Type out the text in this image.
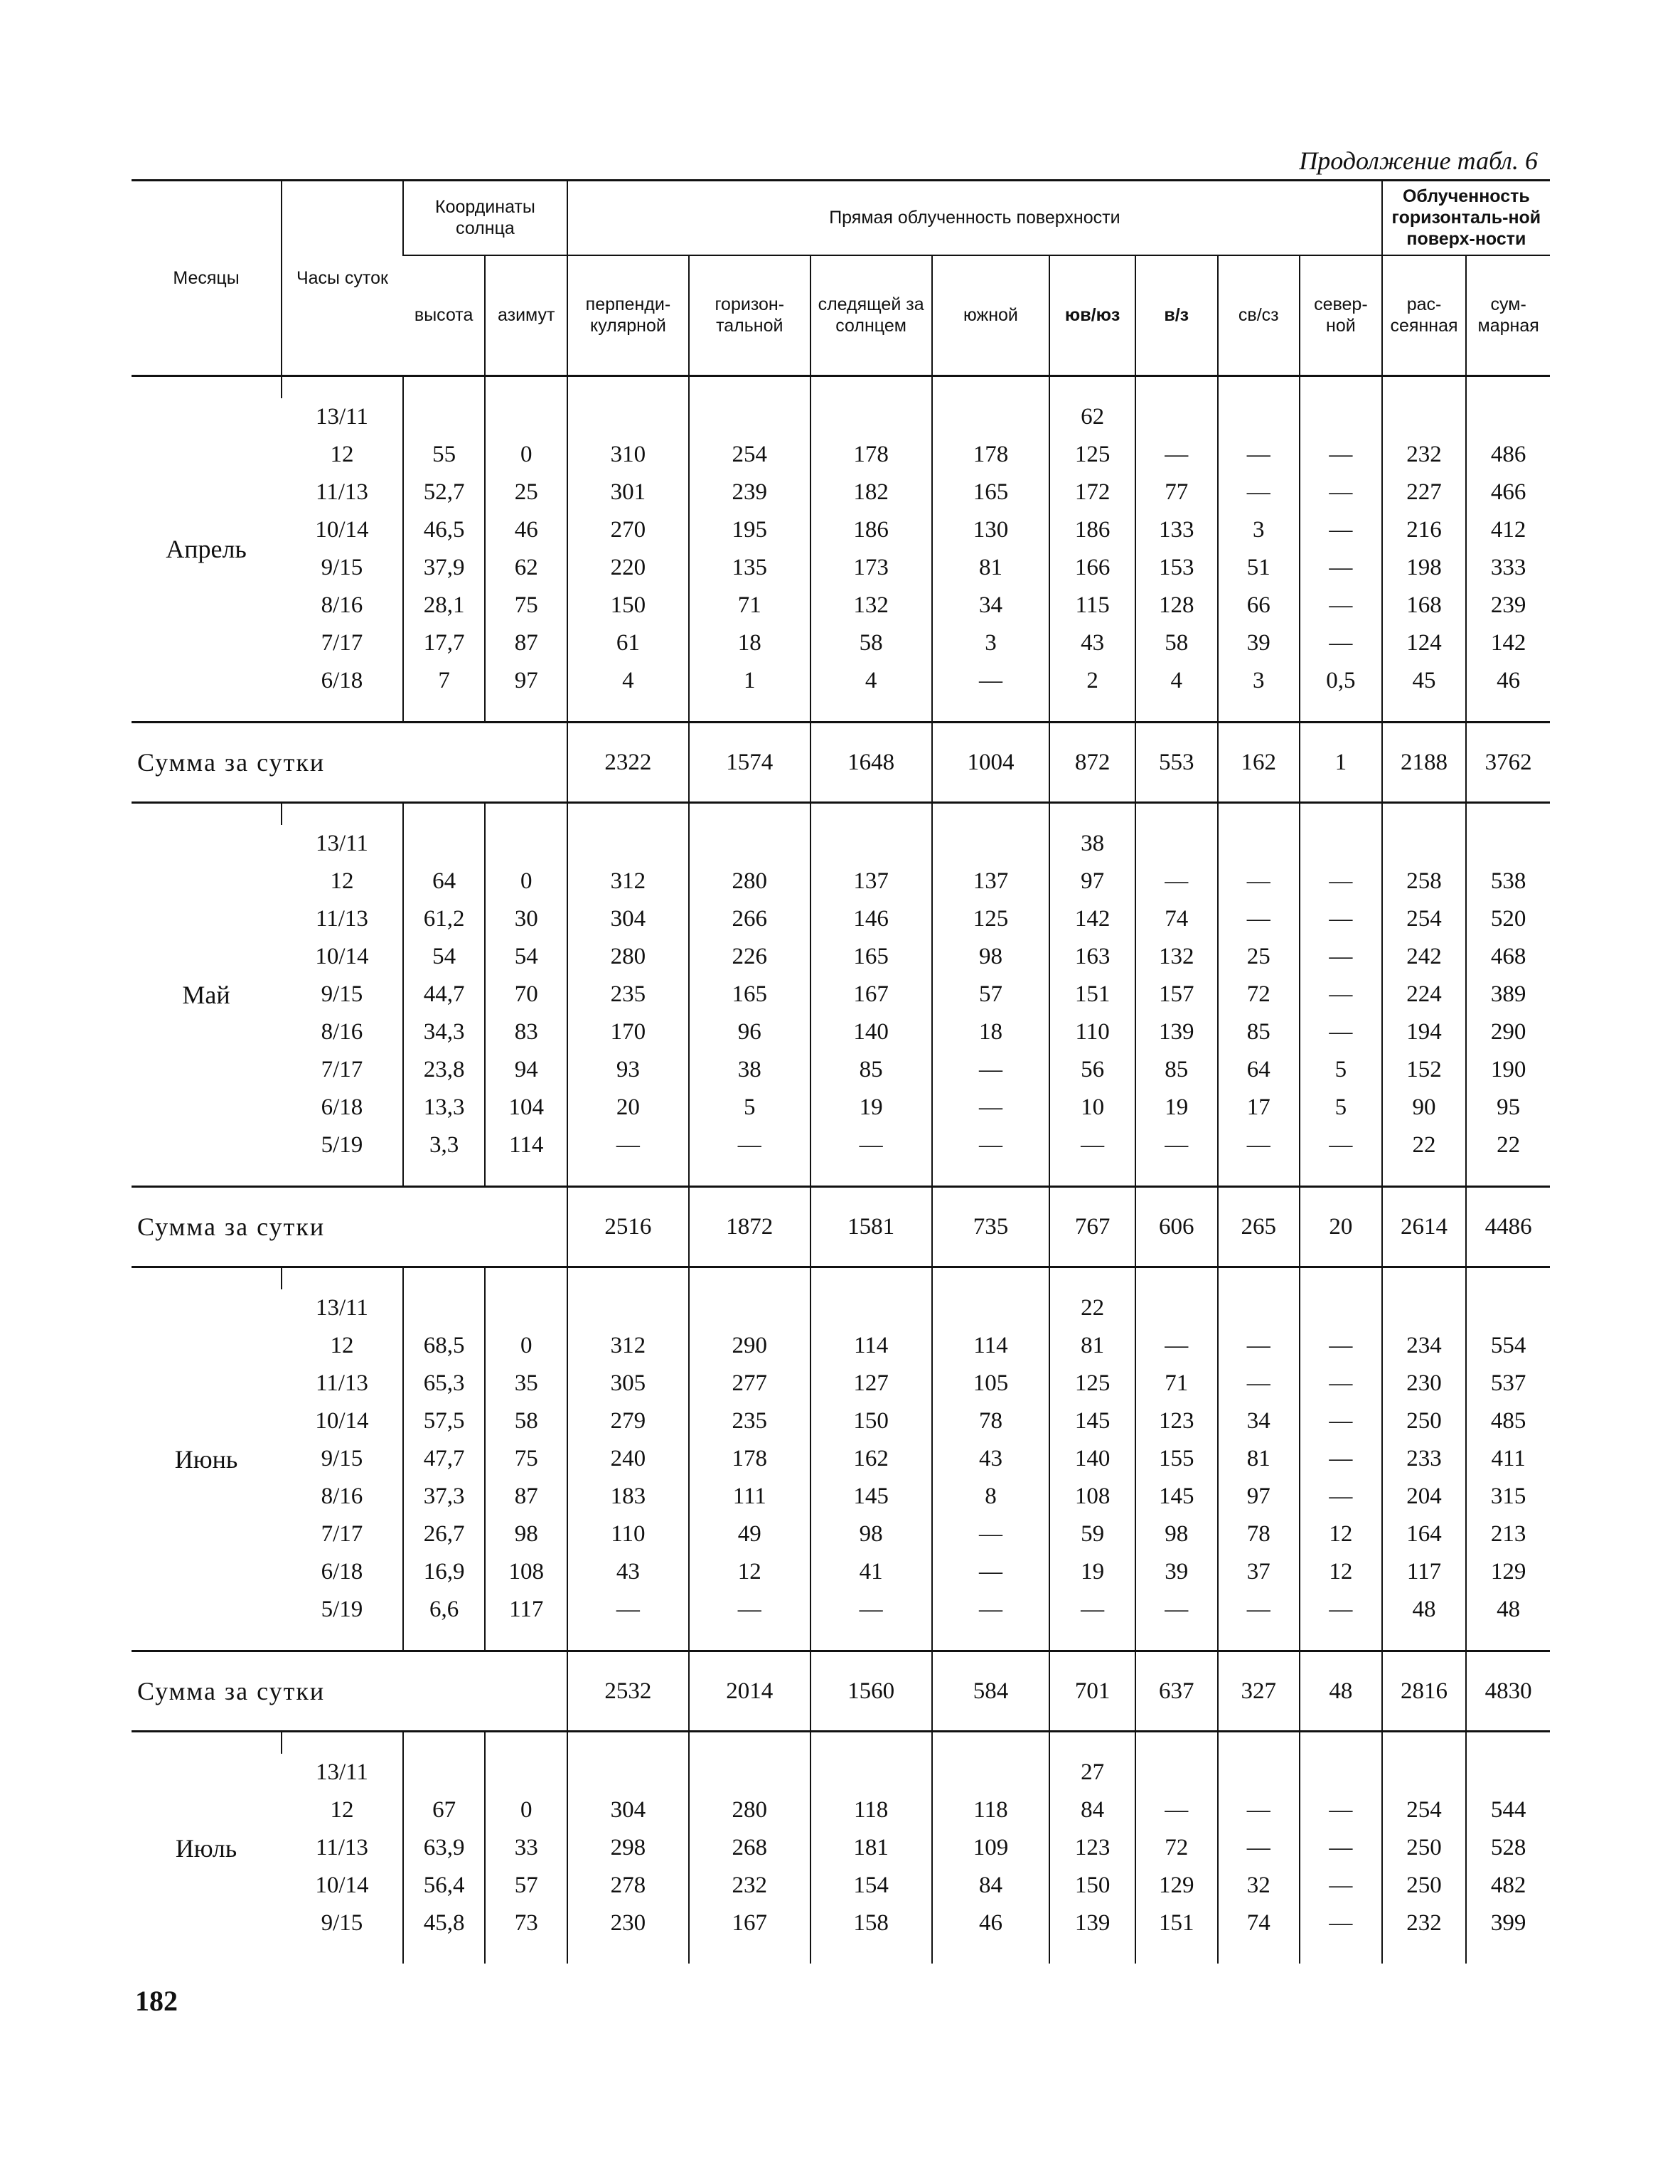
Продолжение табл. 6
Месяцы	Часы суток	Координаты солнца		Прямая облученность поверхности								Облученность горизонталь-ной поверх-ности	
		высота	азимут	перпенди-кулярной	горизон-тальной	следящей за солнцем	южной	юв/юз	в/з	св/сз	север-ной	рас-сеянная	сум-марная
Апрель													
	13/11							62					
	12	55	0	310	254	178	178	125	—	—	—	232	486
	11/13	52,7	25	301	239	182	165	172	77	—	—	227	466
	10/14	46,5	46	270	195	186	130	186	133	3	—	216	412
	9/15	37,9	62	220	135	173	81	166	153	51	—	198	333
	8/16	28,1	75	150	71	132	34	115	128	66	—	168	239
	7/17	17,7	87	61	18	58	3	43	58	39	—	124	142
	6/18	7	97	4	1	4	—	2	4	3	0,5	45	46

Сумма за сутки				2322	1574	1648	1004	872	553	162	1	2188	3762
Май													
	13/11							38					
	12	64	0	312	280	137	137	97	—	—	—	258	538
	11/13	61,2	30	304	266	146	125	142	74	—	—	254	520
	10/14	54	54	280	226	165	98	163	132	25	—	242	468
	9/15	44,7	70	235	165	167	57	151	157	72	—	224	389
	8/16	34,3	83	170	96	140	18	110	139	85	—	194	290
	7/17	23,8	94	93	38	85	—	56	85	64	5	152	190
	6/18	13,3	104	20	5	19	—	10	19	17	5	90	95
	5/19	3,3	114	—	—	—	—	—	—	—	—	22	22

Сумма за сутки				2516	1872	1581	735	767	606	265	20	2614	4486
Июнь													
	13/11							22					
	12	68,5	0	312	290	114	114	81	—	—	—	234	554
	11/13	65,3	35	305	277	127	105	125	71	—	—	230	537
	10/14	57,5	58	279	235	150	78	145	123	34	—	250	485
	9/15	47,7	75	240	178	162	43	140	155	81	—	233	411
	8/16	37,3	87	183	111	145	8	108	145	97	—	204	315
	7/17	26,7	98	110	49	98	—	59	98	78	12	164	213
	6/18	16,9	108	43	12	41	—	19	39	37	12	117	129
	5/19	6,6	117	—	—	—	—	—	—	—	—	48	48

Сумма за сутки				2532	2014	1560	584	701	637	327	48	2816	4830
Июль													
	13/11							27					
	12	67	0	304	280	118	118	84	—	—	—	254	544
	11/13	63,9	33	298	268	181	109	123	72	—	—	250	528
	10/14	56,4	57	278	232	154	84	150	129	32	—	250	482
	9/15	45,8	73	230	167	158	46	139	151	74	—	232	399

182
